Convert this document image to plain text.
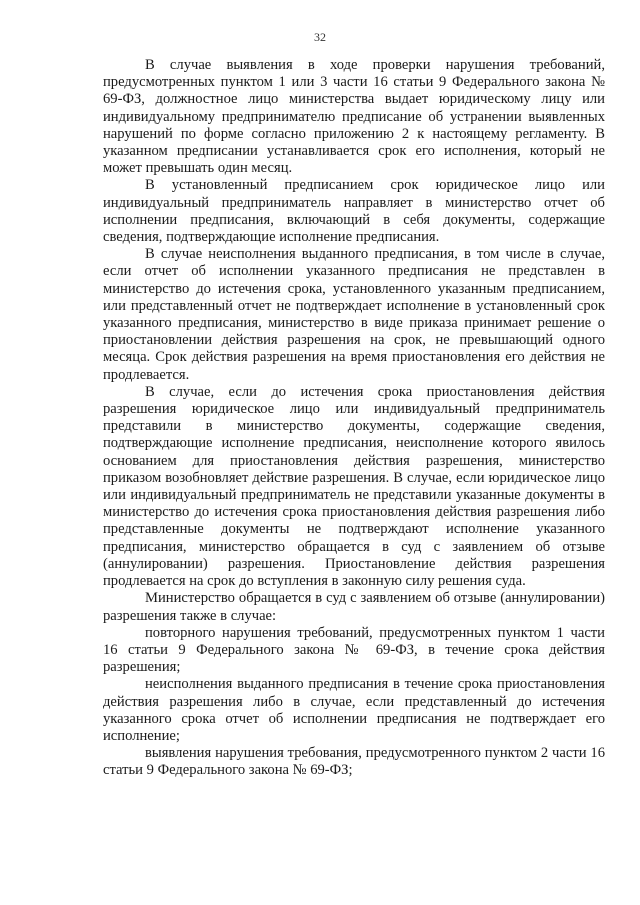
32

В случае выявления в ходе проверки нарушения требований, предусмотренных пунктом 1 или 3 части 16 статьи 9 Федерального закона № 69-ФЗ, должностное лицо министерства выдает юридическому лицу или индивидуальному предпринимателю предписание об устранении выявленных нарушений по форме согласно приложению 2 к настоящему регламенту. В указанном предписании устанавливается срок его исполнения, который не может превышать один месяц.

В установленный предписанием срок юридическое лицо или индивидуальный предприниматель направляет в министерство отчет об исполнении предписания, включающий в себя документы, содержащие сведения, подтверждающие исполнение предписания.

В случае неисполнения выданного предписания, в том числе в случае, если отчет об исполнении указанного предписания не представлен в министерство до истечения срока, установленного указанным предписанием, или представленный отчет не подтверждает исполнение в установленный срок указанного предписания, министерство в виде приказа принимает решение о приостановлении действия разрешения на срок, не превышающий одного месяца. Срок действия разрешения на время приостановления его действия не продлевается.

В случае, если до истечения срока приостановления действия разрешения юридическое лицо или индивидуальный предприниматель представили в министерство документы, содержащие сведения, подтверждающие исполнение предписания, неисполнение которого явилось основанием для приостановления действия разрешения, министерство приказом возобновляет действие разрешения. В случае, если юридическое лицо или индивидуальный предприниматель не представили указанные документы в министерство до истечения срока приостановления действия разрешения либо представленные документы не подтверждают исполнение указанного предписания, министерство обращается в суд с заявлением об отзыве (аннулировании) разрешения. Приостановление действия разрешения продлевается на срок до вступления в законную силу решения суда.

Министерство обращается в суд с заявлением об отзыве (аннулировании) разрешения также в случае:

повторного нарушения требований, предусмотренных пунктом 1 части 16 статьи 9 Федерального закона № 69-ФЗ, в течение срока действия разрешения;

неисполнения выданного предписания в течение срока приостановления действия разрешения либо в случае, если представленный до истечения указанного срока отчет об исполнении предписания не подтверждает его исполнение;

выявления нарушения требования, предусмотренного пунктом 2 части 16 статьи 9 Федерального закона № 69-ФЗ;
